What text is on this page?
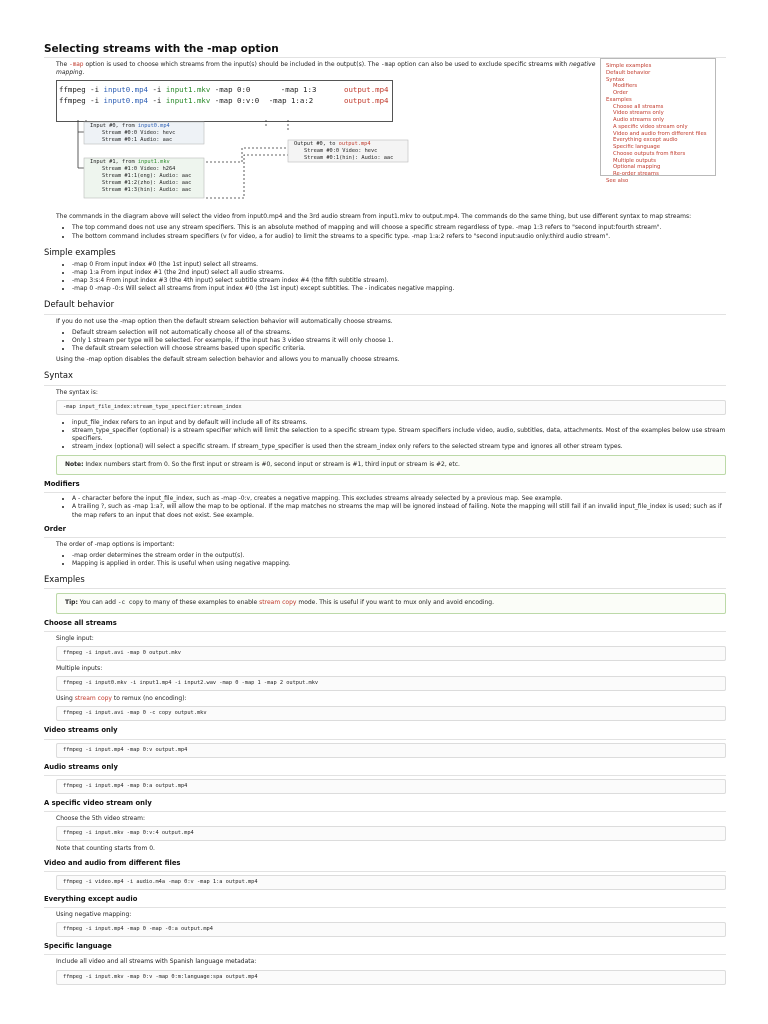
Simple examples
Default behavior
Syntax
Modifiers
Order
Examples
Choose all streams
Video streams only
Audio streams only
A specific video stream only
Video and audio from different files
Everything except audio
Specific language
Choose outputs from filters
Multiple outputs
Optional mapping
Re-order streams
See also
Selecting streams with the -map option
The -map option is used to choose which streams from the input(s) should be included in the output(s). The -map option can also be used to exclude specific streams with negative mapping.
ffmpeg -i input0.mp4 -i input1.mkv -map 0:0	-map 1:3
ffmpeg -i input0.mp4 -i input1.mkv -map 0:v:0 -map 1:a:2
output.mp4
output.mp4
Input #0, from input0.mp4
Stream #0:0 Video: hevc
Stream #0:1 Audio: aac
Input #1, from input1.mkv
Stream #1:0 Video: h264
Stream #1:1(eng): Audio: aac
Stream #1:2(zho): Audio: aac
Stream #1:3(hin): Audio: aac
Output #0, to output.mp4
Stream #0:0 Video: hevc
Stream #0:1(hin): Audio: aac
The commands in the diagram above will select the video from input0.mp4 and the 3rd audio stream from input1.mkv to output.mp4. The commands do the same thing, but use different syntax to map streams:
• The top command does not use any stream specifiers. This is an absolute method of mapping and will choose a specific stream regardless of type. -map 1:3 refers to "second input:fourth stream".
• The bottom command includes stream specifiers (v for video, a for audio) to limit the streams to a specific type. -map 1:a:2 refers to "second input:audio only:third audio stream".
Simple examples
• -map 0 From input index #0 (the 1st input) select all streams.
• -map 1:a From input index #1 (the 2nd input) select all audio streams.
• -map 3:s:4 From input index #3 (the 4th input) select subtitle stream index #4 (the fifth subtitle stream).
• -map 0 -map -0:s Will select all streams from input index #0 (the 1st input) except subtitles. The - indicates negative mapping.
Default behavior
If you do not use the -map option then the default stream selection behavior will automatically choose streams.
• Default stream selection will not automatically choose all of the streams.
• Only 1 stream per type will be selected. For example, if the input has 3 video streams it will only choose 1.
• The default stream selection will choose streams based upon specific criteria.
Using the -map option disables the default stream selection behavior and allows you to manually choose streams.
Syntax
The syntax is:
-map input_file_index:stream_type_specifier:stream_index
• input_file_index refers to an input and by default will include all of its streams.
• stream_type_specifier (optional) is a stream specifier which will limit the selection to a specific stream type. Stream specifiers include video, audio, subtitles, data, attachments. Most of the examples below use stream specifiers.
• stream_index (optional) will select a specific stream. If stream_type_specifier is used then the stream_index only refers to the selected stream type and ignores all other stream types.
Note: Index numbers start from 0. So the first input or stream is #0, second input or stream is #1, third input or stream is #2, etc.
Modifiers
• A - character before the input_file_index, such as -map -0:v, creates a negative mapping. This excludes streams already selected by a previous map. See example.
• A trailing ?, such as -map 1:a?, will allow the map to be optional. If the map matches no streams the map will be ignored instead of failing. Note the mapping will still fail if an invalid input_file_index is used; such as if the map refers to an input that does not exist. See example.
Order
The order of -map options is important:
• -map order determines the stream order in the output(s).
• Mapping is applied in order. This is useful when using negative mapping.
Examples
Tip: You can add -c copy to many of these examples to enable stream copy mode. This is useful if you want to mux only and avoid encoding.
Choose all streams
Single input:
ffmpeg -i input.avi -map 0 output.mkv
Multiple inputs:
ffmpeg -i input0.mkv -i input1.mp4 -i input2.wav -map 0 -map 1 -map 2 output.mkv
Using stream copy to remux (no encoding):
ffmpeg -i input.avi -map 0 -c copy output.mkv
Video streams only
ffmpeg -i input.mp4 -map 0:v output.mp4
Audio streams only
ffmpeg -i input.mp4 -map 0:a output.mp4
A specific video stream only
Choose the 5th video stream:
ffmpeg -i input.mkv -map 0:v:4 output.mp4
Note that counting starts from 0.
Video and audio from different files
ffmpeg -i video.mp4 -i audio.m4a -map 0:v -map 1:a output.mp4
Everything except audio
Using negative mapping:
ffmpeg -i input.mp4 -map 0 -map -0:a output.mp4
Specific language
Include all video and all streams with Spanish language metadata:
ffmpeg -i input.mkv -map 0:v -map 0:m:language:spa output.mp4
